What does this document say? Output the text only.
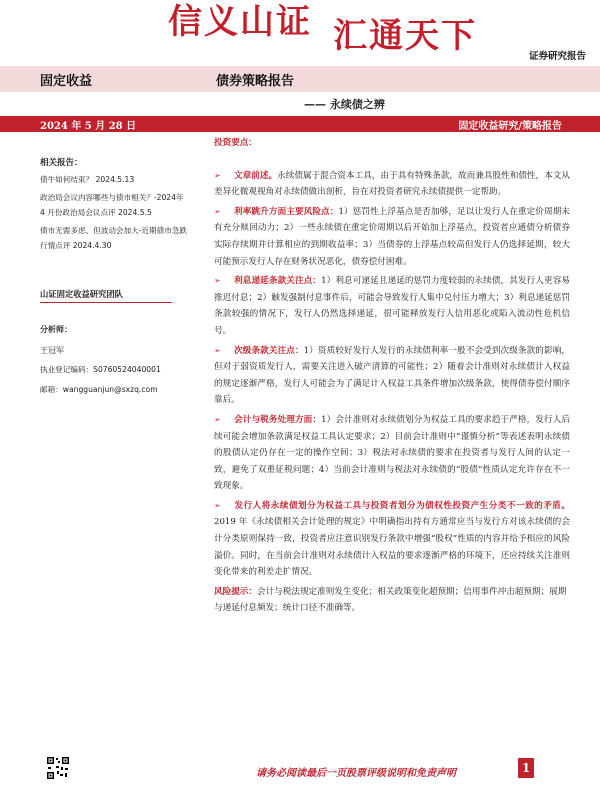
信义山证 汇通天下
证券研究报告
固定收益	债券策略报告
—— 永续债之辨
2024 年 5 月 28 日	固定收益研究/策略报告
相关报告：
债牛如何结束？ 2024.5.13
政治局会议内容哪些与债市相关？-2024年 4 月份政治局会议点评 2024.5.5
债市无需多虑、但波动会加大-近期债市急跌行情点评 2024.4.30
山证固定收益研究团队
分析师：
王冠军
执业登记编码：S0760524040001
邮箱：wangguanjun@sxzq.com
投资要点：

➢ 文章前述。永续债属于混合资本工具，由于具有特殊条款，故而兼具股性和债性，本文从差异化微观视角对永续债做出剖析，旨在对投资者研究永续债提供一定帮助。

➢ 利率跳升方面主要风险点：1）惩罚性上浮基点是否加够，足以让发行人在重定价周期末有充分赎回动力；2）一些永续债在重定价周期以后开始加上浮基点，投资者应通债分析债券实际存续期并计算相应的到期收益率；3）当债券的上浮基点较高但发行人仍选择延期，较大可能预示发行人存在财务状况恶化，债券偿付困难。

➢ 利息递延条款关注点：1）利息可递延且递延的惩罚力度较弱的永续债，其发行人更容易推迟付息；2）触发强制付息事件后，可能会导致发行人集中兑付压力增大；3）利息递延惩罚条款较强的情况下，发行人仍然选择递延，很可能释放发行人信用恶化或陷入流动性危机信号。

➢ 次级条款关注点：1）资质较好发行人发行的永续债利率一般不会受到次级条款的影响，但对于弱资质发行人，需要关注进入破产清算的可能性；2）随着会计准则对永续债计入权益的规定逐渐严格，发行人可能会为了满足计入权益工具条件增加次级条款，使得债券偿付顺序靠后。

➢ 会计与税务处理方面：1）会计准则对永续债划分为权益工具的要求趋于严格，发行人后续可能会增加条款满足权益工具认定要求；2）目前会计准则中“谨慎分析”等表述表明永续债的股债认定仍存在一定的操作空间；3）税法对永续债的要求在投资者与发行人间的认定一致，避免了双重征税问题；4）当前会计准则与税法对永续债的“股债”性质认定允许存在不一致现象。

➢ 发行人将永续债划分为权益工具与投资者划分为债权性投资产生分类不一致的矛盾。2019 年《永续债相关会计处理的规定》中明确指出持有方通常应当与发行方对该永续债的会计分类原则保持一致，投资者应注意识别发行条款中增强“股权”性质的内容并给予相应的风险溢价。同时，在当前会计准则对永续债计入权益的要求逐渐严格的环境下，还应持续关注准则变化带来的利差走扩情况。

风险提示：会计与税法规定准则发生变化；相关政策变化超预期；信用事件冲击超预期；展期与递延付息频发；统计口径不准确等。

请务必阅读最后一页股票评级说明和免责声明	1
